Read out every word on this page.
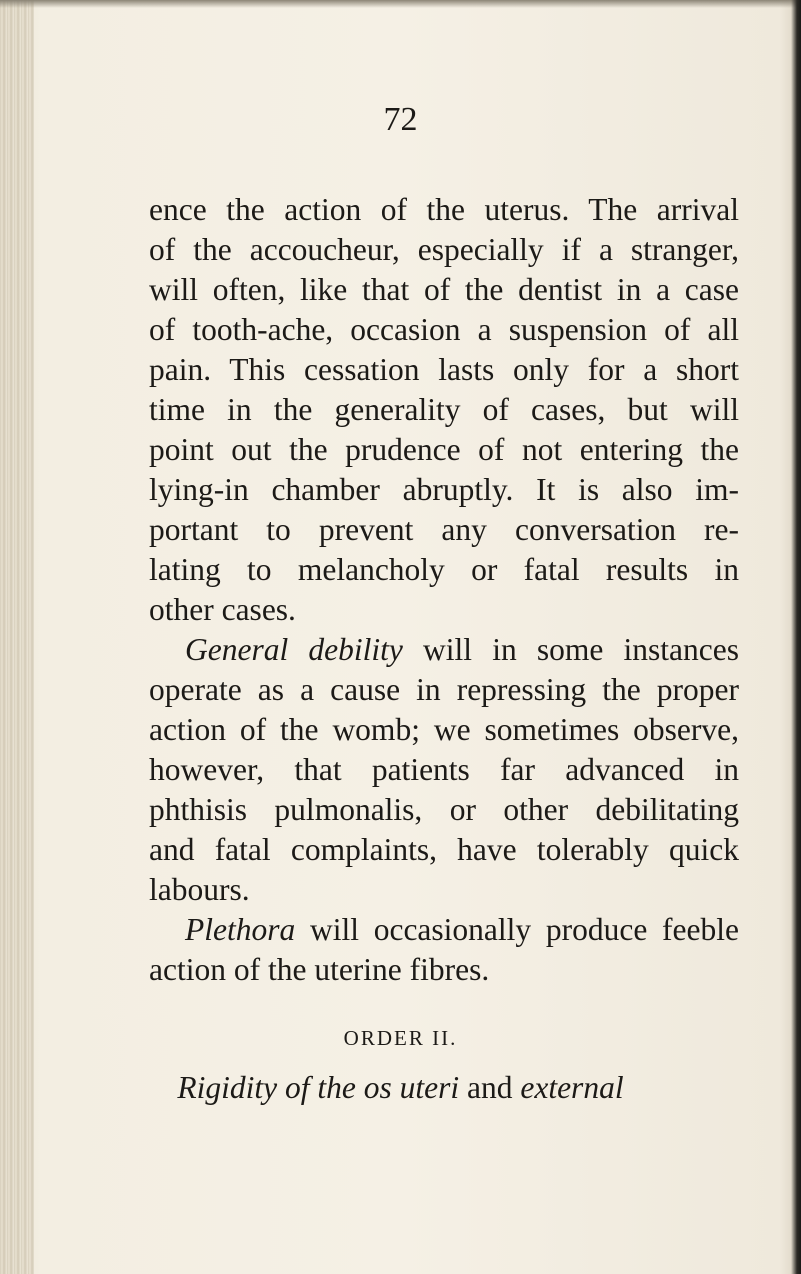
72
ence the action of the uterus. The arrival
of the accoucheur, especially if a stranger,
will often, like that of the dentist in a case
of tooth-ache, occasion a suspension of all
pain. This cessation lasts only for a short
time in the generality of cases, but will
point out the prudence of not entering the
lying-in chamber abruptly. It is also im-
portant to prevent any conversation re-
lating to melancholy or fatal results in
other cases.
General debility will in some instances
operate as a cause in repressing the proper
action of the womb; we sometimes observe,
however, that patients far advanced in
phthisis pulmonalis, or other debilitating
and fatal complaints, have tolerably quick
labours.
Plethora will occasionally produce feeble
action of the uterine fibres.
ORDER II.
Rigidity of the os uteri and external
